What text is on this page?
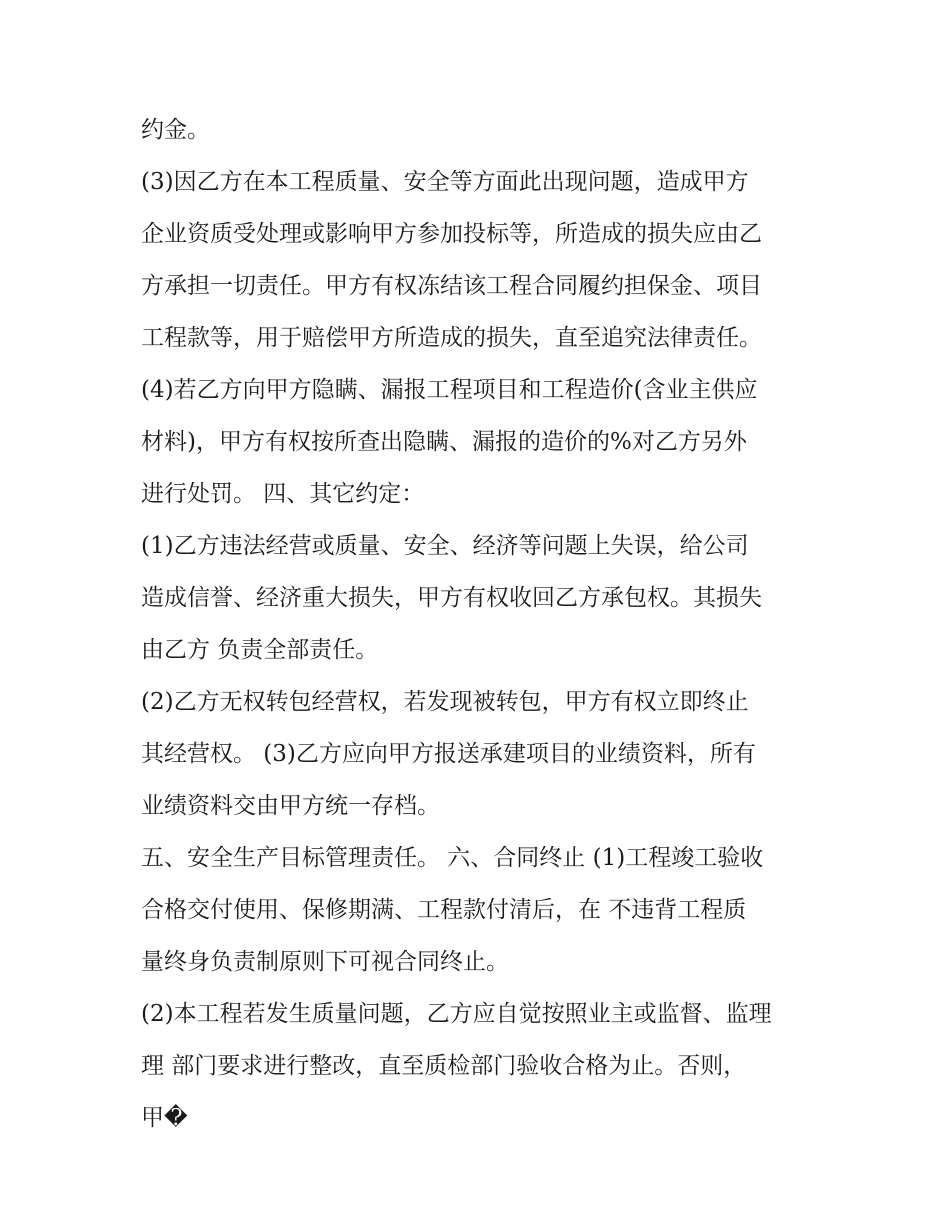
约金。
(3)因乙方在本工程质量、安全等方面此出现问题，造成甲方
企业资质受处理或影响甲方参加投标等，所造成的损失应由乙
方承担一切责任。甲方有权冻结该工程合同履约担保金、项目
工程款等，用于赔偿甲方所造成的损失，直至追究法律责任。
(4)若乙方向甲方隐瞒、漏报工程项目和工程造价(含业主供应
材料)，甲方有权按所查出隐瞒、漏报的造价的%对乙方另外
进行处罚。 四、其它约定：
(1)乙方违法经营或质量、安全、经济等问题上失误，给公司
造成信誉、经济重大损失，甲方有权收回乙方承包权。其损失
由乙方 负责全部责任。
(2)乙方无权转包经营权，若发现被转包，甲方有权立即终止
其经营权。 (3)乙方应向甲方报送承建项目的业绩资料，所有
业绩资料交由甲方统一存档。
五、安全生产目标管理责任。 六、合同终止 (1)工程竣工验收
合格交付使用、保修期满、工程款付清后，在 不违背工程质
量终身负责制原则下可视合同终止。
(2)本工程若发生质量问题，乙方应自觉按照业主或监督、监理
理 部门要求进行整改，直至质检部门验收合格为止。否则，
甲�
